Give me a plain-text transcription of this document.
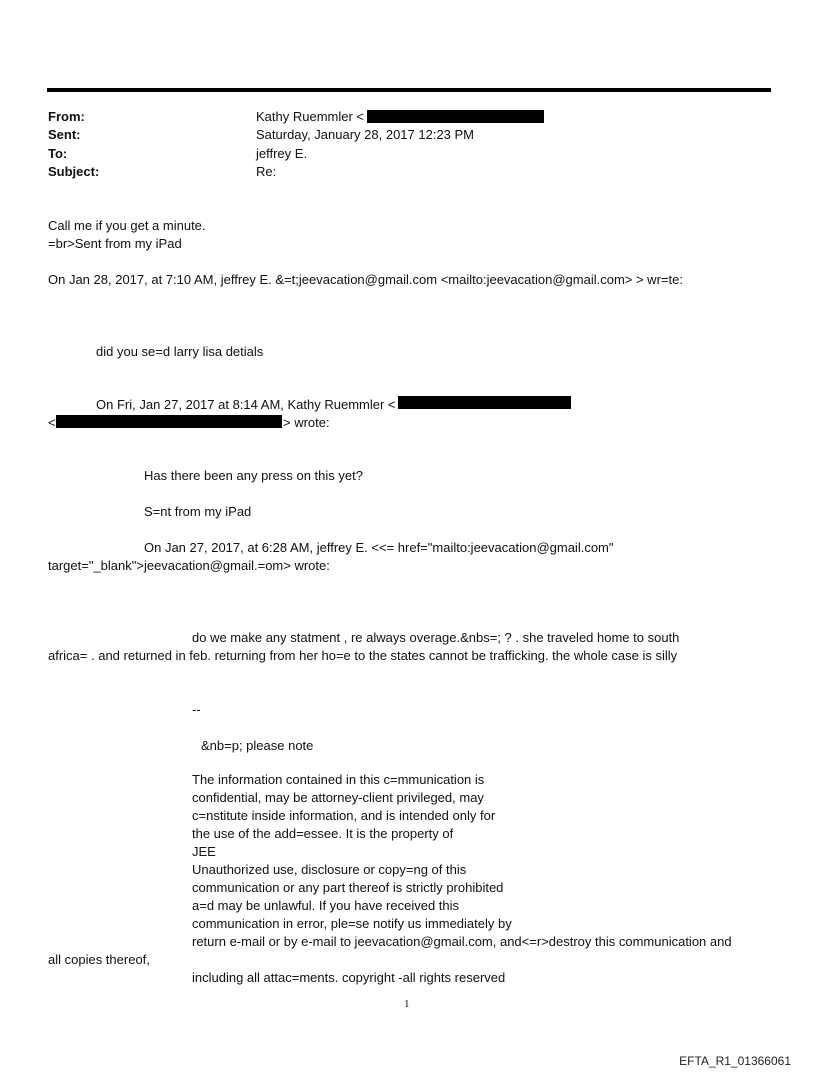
From:	Kathy Ruemmler <
Sent:	Saturday, January 28, 2017 12:23 PM
To:	jeffrey E.
Subject:	Re:
Call me if you get a minute.
=br>Sent from my iPad
On Jan 28, 2017, at 7:10 AM, jeffrey E. &=t;jeevacation@gmail.com <mailto:jeevacation@gmail.com> > wr=te:
did you se=d larry lisa detials
On Fri, Jan 27, 2017 at 8:14 AM, Kathy Ruemmler <
<	> wrote:
Has there been any press on this yet?
S=nt from my iPad
On Jan 27, 2017, at 6:28 AM, jeffrey E. <<= href="mailto:jeevacation@gmail.com"
target="_blank">jeevacation@gmail.=om> wrote:
do we make any statment , re always overage.&nbs=; ? . she traveled home to south
africa= . and returned in feb. returning from her ho=e to the states cannot be trafficking. the whole case is silly
--
&nb=p; please note
The information contained in this c=mmunication is
confidential, may be attorney-client privileged, may
c=nstitute inside information, and is intended only for
the use of the add=essee. It is the property of
JEE
Unauthorized use, disclosure or copy=ng of this
communication or any part thereof is strictly prohibited
a=d may be unlawful. If you have received this
communication in error, ple=se notify us immediately by
return e-mail or by e-mail to jeevacation@gmail.com, and<=r>destroy this communication and
all copies thereof,
including all attac=ments. copyright -all rights reserved
1
EFTA_R1_01366061
